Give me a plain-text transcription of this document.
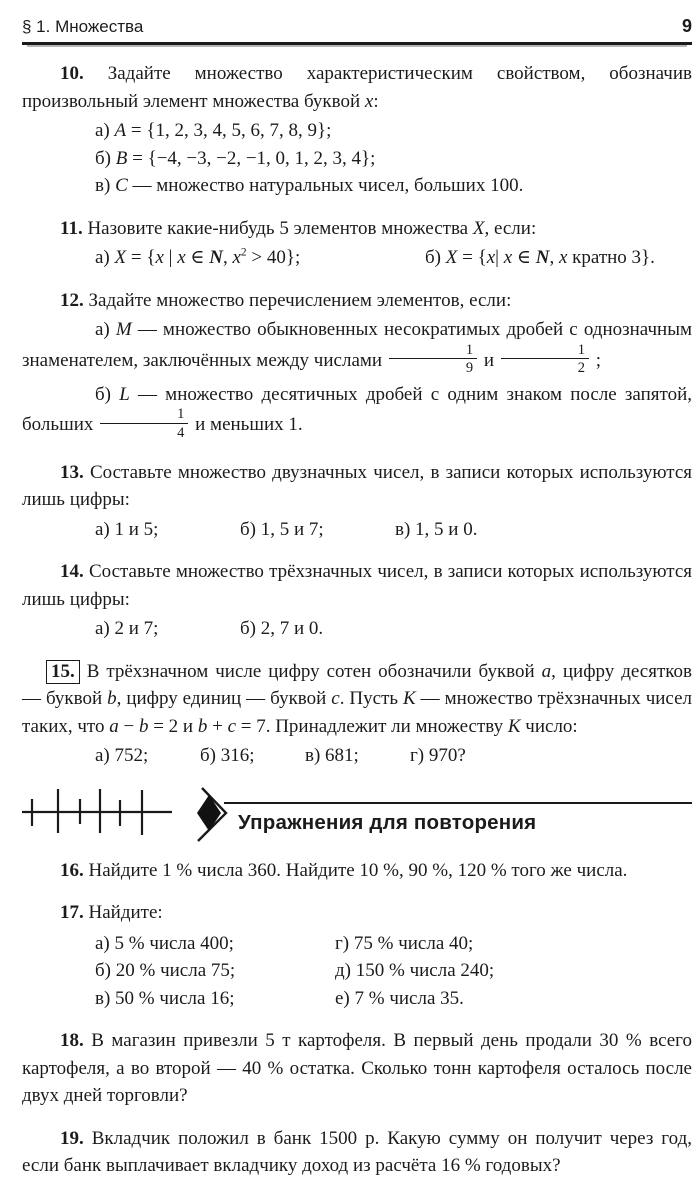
§ 1. Множества	9

10. Задайте множество характеристическим свойством, обозначив произвольный элемент множества буквой x:

а) A = {1, 2, 3, 4, 5, 6, 7, 8, 9};
б) B = {−4, −3, −2, −1, 0, 1, 2, 3, 4};
в) C — множество натуральных чисел, больших 100.

11. Назовите какие-нибудь 5 элементов множества X, если:

а) X = {x | x ∈ N, $x^2 > 40$};	б) X = {x| x ∈ N, x кратно 3}.

12. Задайте множество перечислением элементов, если:

а) M — множество обыкновенных несократимых дробей с однозначным знаменателем, заключённых между числами $\frac{1}{9}$ и $\frac{1}{2}$ ;

б) L — множество десятичных дробей с одним знаком после запятой, больших $\frac{1}{4}$ и меньших 1.

13. Составьте множество двузначных чисел, в записи которых используются лишь цифры:

а) 1 и 5;	б) 1, 5 и 7;	в) 1, 5 и 0.

14. Составьте множество трёхзначных чисел, в записи которых используются лишь цифры:

а) 2 и 7;	б) 2, 7 и 0.

15. В трёхзначном числе цифру сотен обозначили буквой a, цифру десятков — буквой b, цифру единиц — буквой c. Пусть K — множество трёхзначных чисел таких, что a − b = 2 и b + c = 7. Принадлежит ли множеству K число:

а) 752;	б) 316;	в) 681;	г) 970?
Упражнения для повторения

16. Найдите 1 % числа 360. Найдите 10 %, 90 %, 120 % того же числа.

17. Найдите:

а) 5 % числа 400;	г) 75 % числа 40;
б) 20 % числа 75;	д) 150 % числа 240;
в) 50 % числа 16;	е) 7 % числа 35.

18. В магазин привезли 5 т картофеля. В первый день продали 30 % всего картофеля, а во второй — 40 % остатка. Сколько тонн картофеля осталось после двух дней торговли?

19. Вкладчик положил в банк 1500 р. Какую сумму он получит через год, если банк выплачивает вкладчику доход из расчёта 16 % годовых?
